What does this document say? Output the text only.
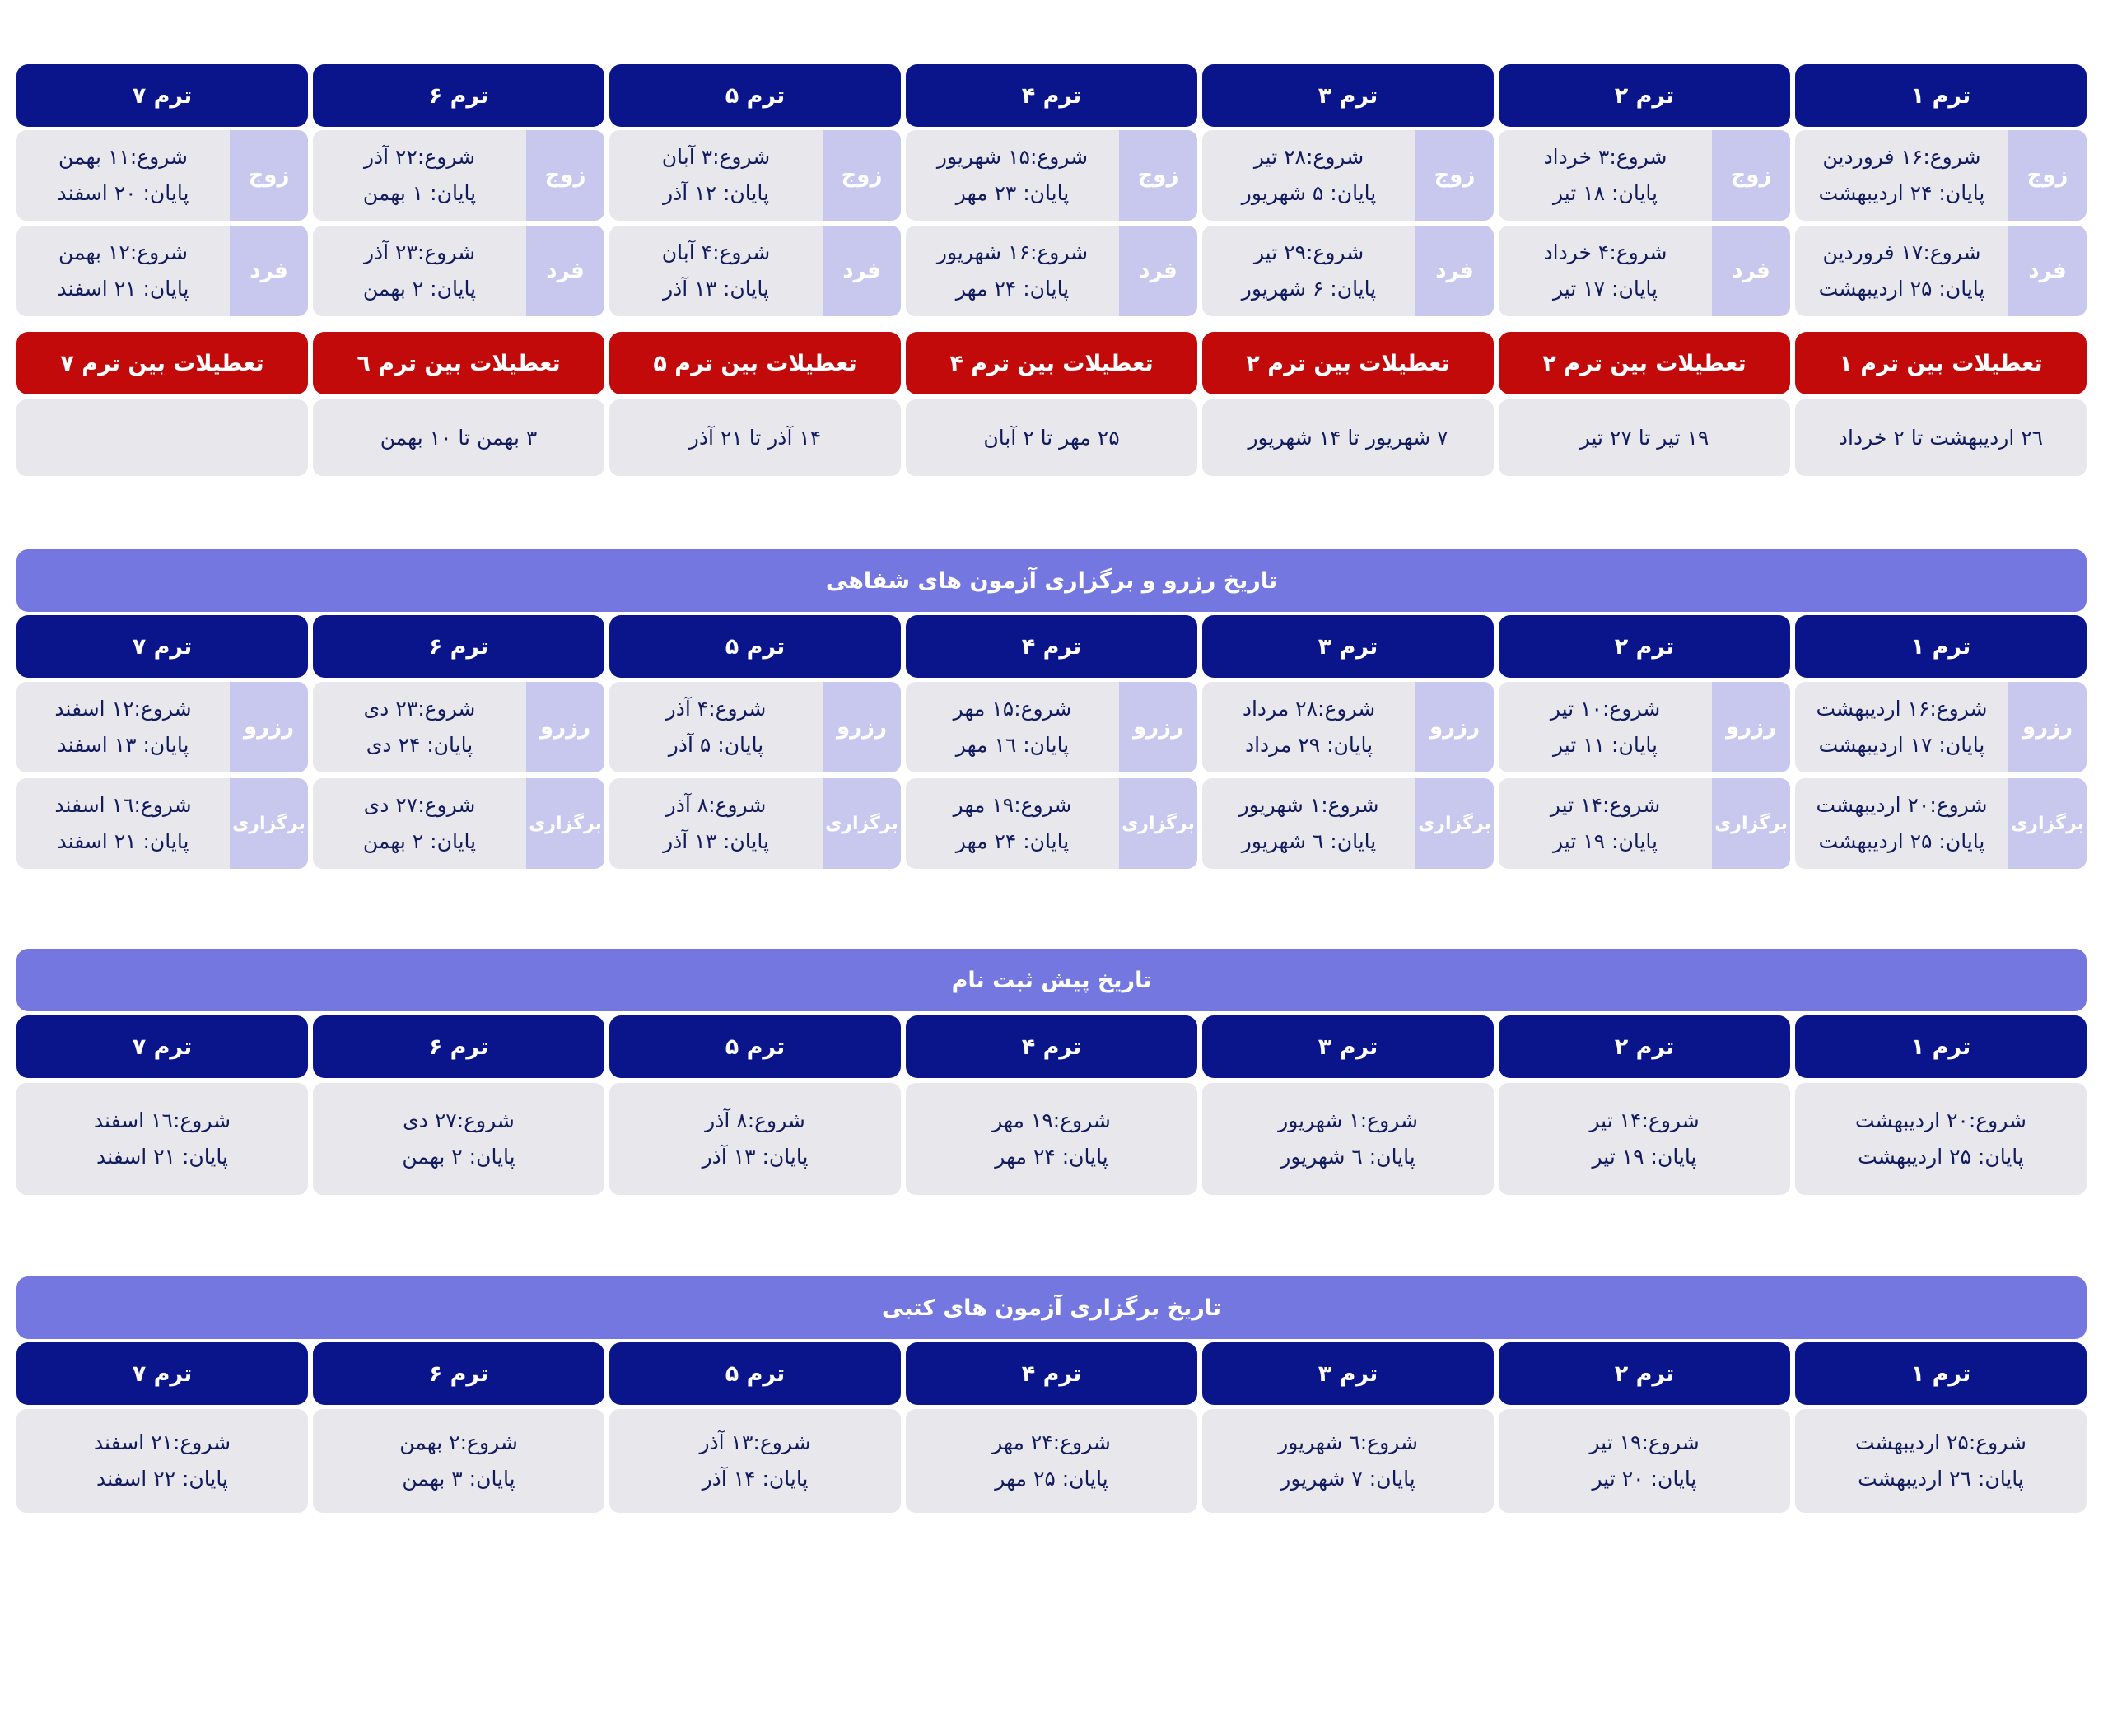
ترم ۱
ترم ۲
ترم ۳
ترم ۴
ترم ۵
ترم ۶
ترم ۷
زوج
شروع:۱۶ فروردین
پایان: ۲۴ اردیبهشت
زوج
شروع:۳ خرداد
پایان: ۱۸ تیر
زوج
شروع:۲۸ تیر
پایان: ۵ شهریور
زوج
شروع:۱۵ شهریور
پایان: ۲۳ مهر
زوج
شروع:۳ آبان
پایان: ۱۲ آذر
زوج
شروع:۲۲ آذر
پایان: ۱ بهمن
زوج
شروع:۱۱ بهمن
پایان: ۲۰ اسفند
فرد
شروع:۱۷ فروردین
پایان: ۲۵ اردیبهشت
فرد
شروع:۴ خرداد
پایان: ۱۷ تیر
فرد
شروع:۲۹ تیر
پایان: ۶ شهریور
فرد
شروع:۱۶ شهریور
پایان: ۲۴ مهر
فرد
شروع:۴ آبان
پایان: ۱۳ آذر
فرد
شروع:۲۳ آذر
پایان: ۲ بهمن
فرد
شروع:۱۲ بهمن
پایان: ۲۱ اسفند
تعطیلات بین ترم ۱
تعطیلات بین ترم ۲
تعطیلات بین ترم ۲
تعطیلات بین ترم ۴
تعطیلات بین ترم ۵
تعطیلات بین ترم ٦
تعطیلات بین ترم ۷
۲٦ اردیبهشت تا ۲ خرداد
۱۹ تیر تا ۲۷ تیر
۷ شهریور تا ۱۴ شهریور
۲۵ مهر تا ۲ آبان
۱۴ آذر تا ۲۱ آذر
۳ بهمن تا ۱۰ بهمن
تاریخ رزرو و برگزاری آزمون های شفاهی
ترم ۱
ترم ۲
ترم ۳
ترم ۴
ترم ۵
ترم ۶
ترم ۷
رزرو
شروع:۱۶ اردیبهشت
پایان: ۱۷ اردیبهشت
رزرو
شروع:۱۰ تیر
پایان: ۱۱ تیر
رزرو
شروع:۲۸ مرداد
پایان: ۲۹ مرداد
رزرو
شروع:۱۵ مهر
پایان: ۱٦ مهر
رزرو
شروع:۴ آذر
پایان: ۵ آذر
رزرو
شروع:۲۳ دی
پایان: ۲۴ دی
رزرو
شروع:۱۲ اسفند
پایان: ۱۳ اسفند
برگزاری
شروع:۲۰ اردیبهشت
پایان: ۲۵ اردیبهشت
برگزاری
شروع:۱۴ تیر
پایان: ۱۹ تیر
برگزاری
شروع:۱ شهریور
پایان: ٦ شهریور
برگزاری
شروع:۱۹ مهر
پایان: ۲۴ مهر
برگزاری
شروع:۸ آذر
پایان: ۱۳ آذر
برگزاری
شروع:۲۷ دی
پایان: ۲ بهمن
برگزاری
شروع:۱٦ اسفند
پایان: ۲۱ اسفند
تاریخ پیش ثبت نام
ترم ۱
ترم ۲
ترم ۳
ترم ۴
ترم ۵
ترم ۶
ترم ۷
شروع:۲۰ اردیبهشت
پایان: ۲۵ اردیبهشت
شروع:۱۴ تیر
پایان: ۱۹ تیر
شروع:۱ شهریور
پایان: ٦ شهریور
شروع:۱۹ مهر
پایان: ۲۴ مهر
شروع:۸ آذر
پایان: ۱۳ آذر
شروع:۲۷ دی
پایان: ۲ بهمن
شروع:۱٦ اسفند
پایان: ۲۱ اسفند
تاریخ برگزاری آزمون های کتبی
ترم ۱
ترم ۲
ترم ۳
ترم ۴
ترم ۵
ترم ۶
ترم ۷
شروع:۲۵ اردیبهشت
پایان: ۲٦ اردیبهشت
شروع:۱۹ تیر
پایان: ۲۰ تیر
شروع:٦ شهریور
پایان: ۷ شهریور
شروع:۲۴ مهر
پایان: ۲۵ مهر
شروع:۱۳ آذر
پایان: ۱۴ آذر
شروع:۲ بهمن
پایان: ۳ بهمن
شروع:۲۱ اسفند
پایان: ۲۲ اسفند
